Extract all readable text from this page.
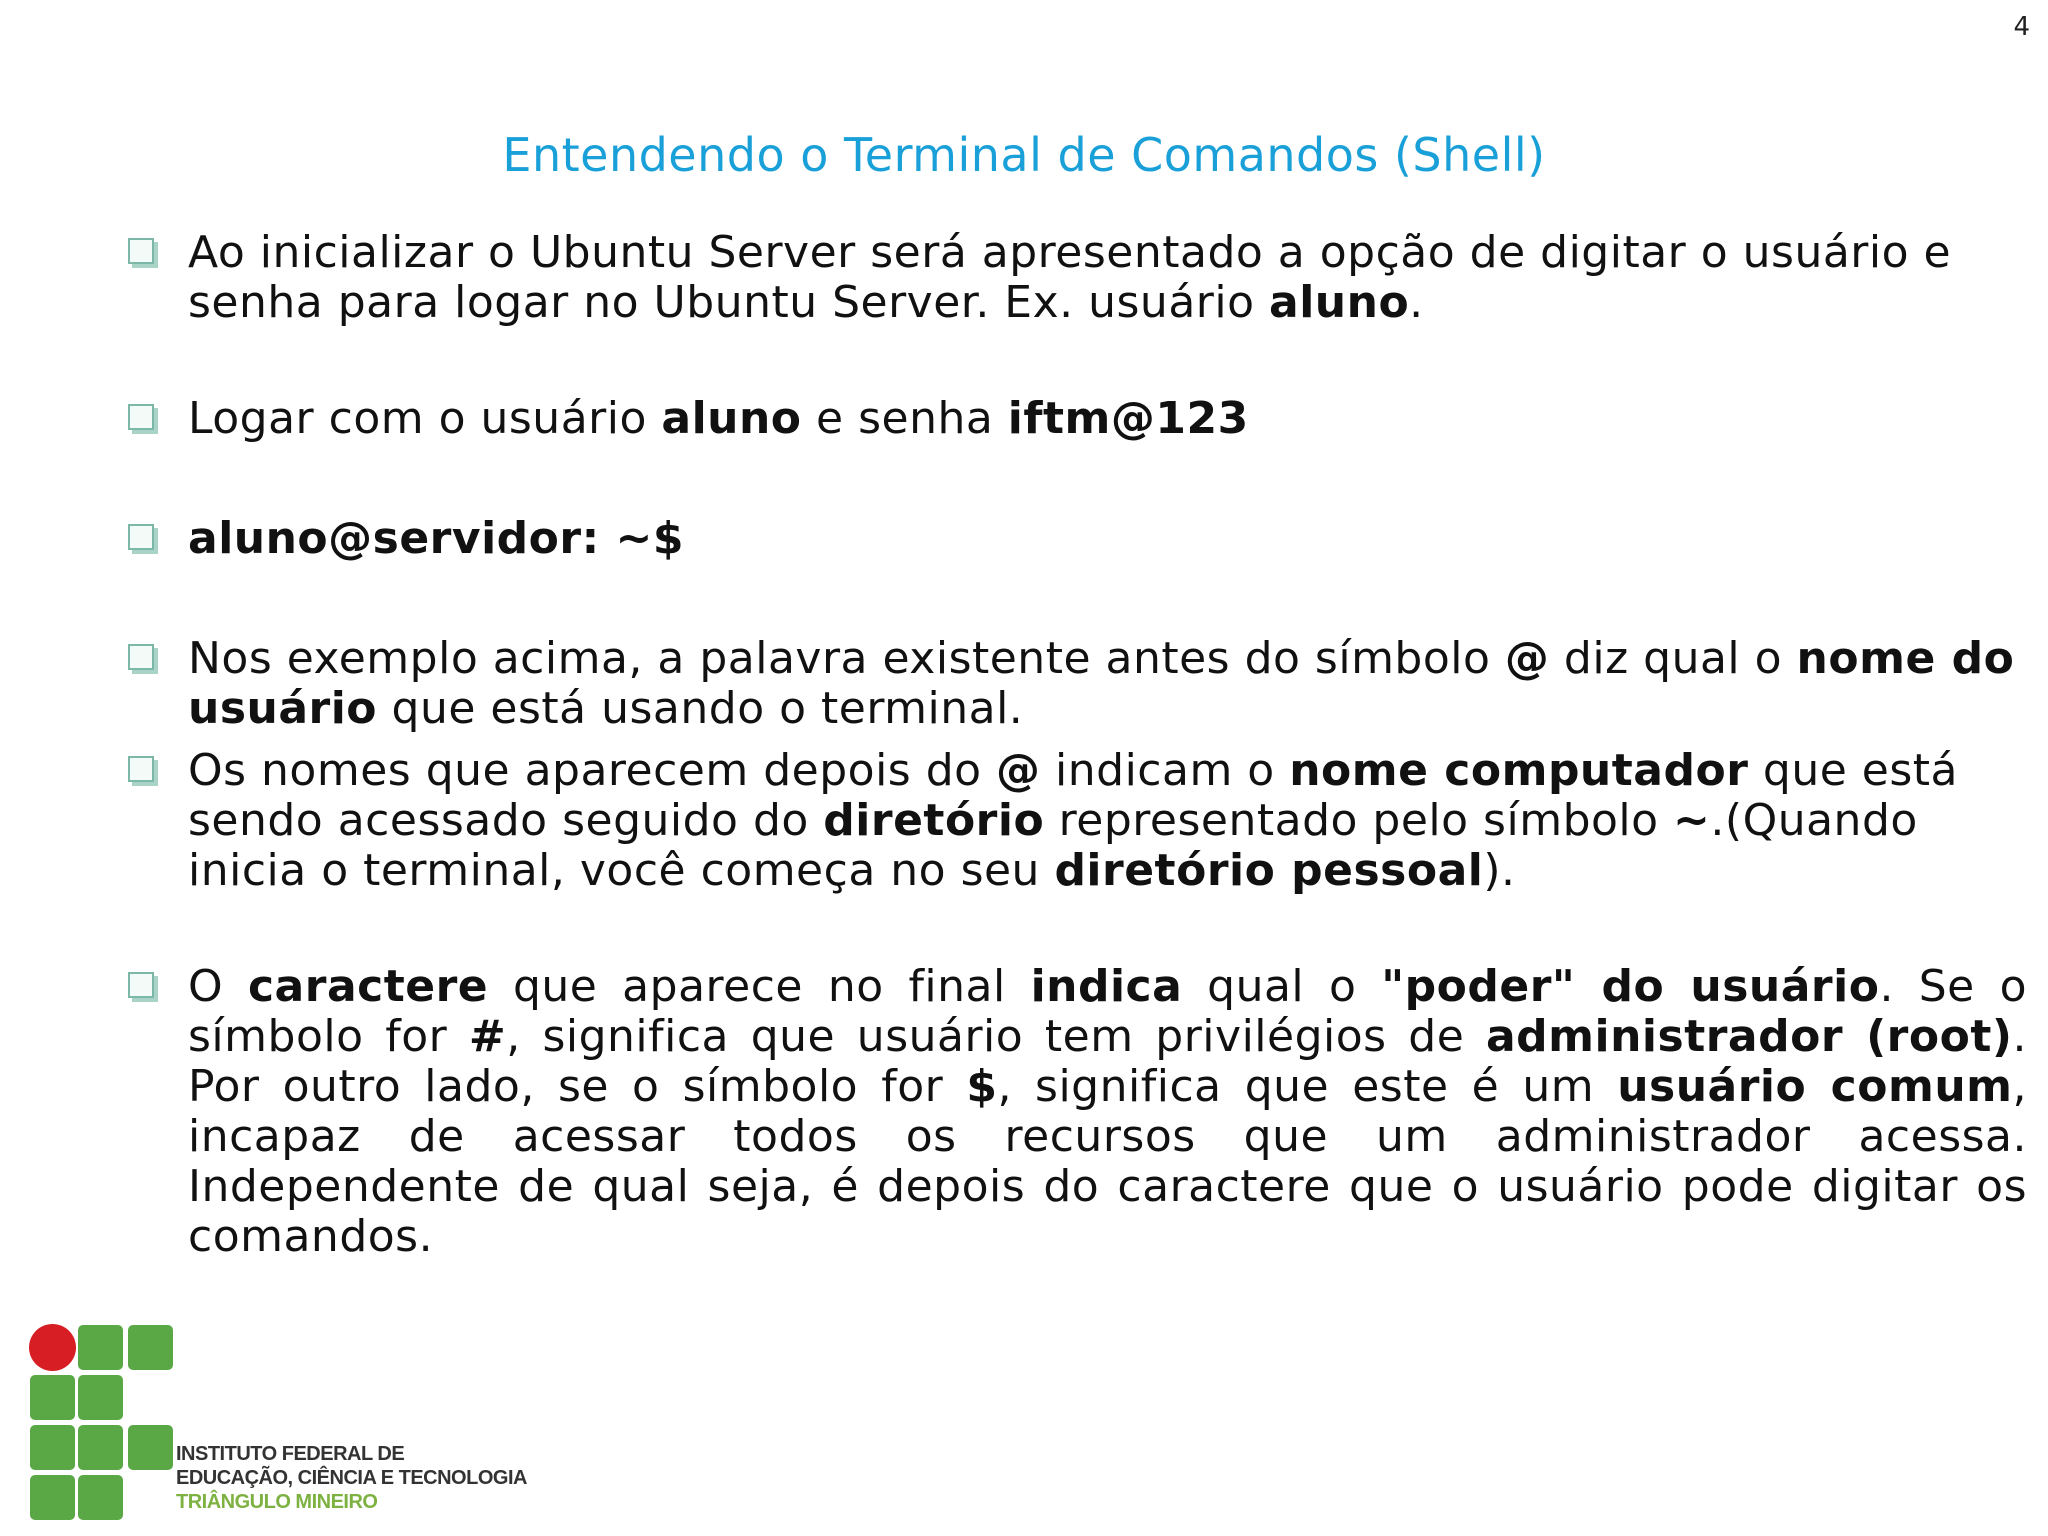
4
Entendendo o Terminal de Comandos (Shell)
Ao inicializar o Ubuntu Server será apresentado a opção de digitar o usuário e senha para logar no Ubuntu Server. Ex. usuário aluno.
Logar com o usuário aluno e senha iftm@123
aluno@servidor: ~$
Nos exemplo acima, a palavra existente antes do símbolo @ diz qual o nome do usuário que está usando o terminal.
Os nomes que aparecem depois do @ indicam o nome computador que está sendo acessado seguido do diretório representado pelo símbolo ~.(Quando inicia o terminal, você começa no seu diretório pessoal).
O caractere que aparece no final indica qual o "poder" do usuário. Se o símbolo for #, significa que usuário tem privilégios de administrador (root). Por outro lado, se o símbolo for $, significa que este é um usuário comum, incapaz de acessar todos os recursos que um administrador acessa. Independente de qual seja, é depois do caractere que o usuário pode digitar os comandos.
INSTITUTO FEDERAL DE
EDUCAÇÃO, CIÊNCIA E TECNOLOGIA
TRIÂNGULO MINEIRO
